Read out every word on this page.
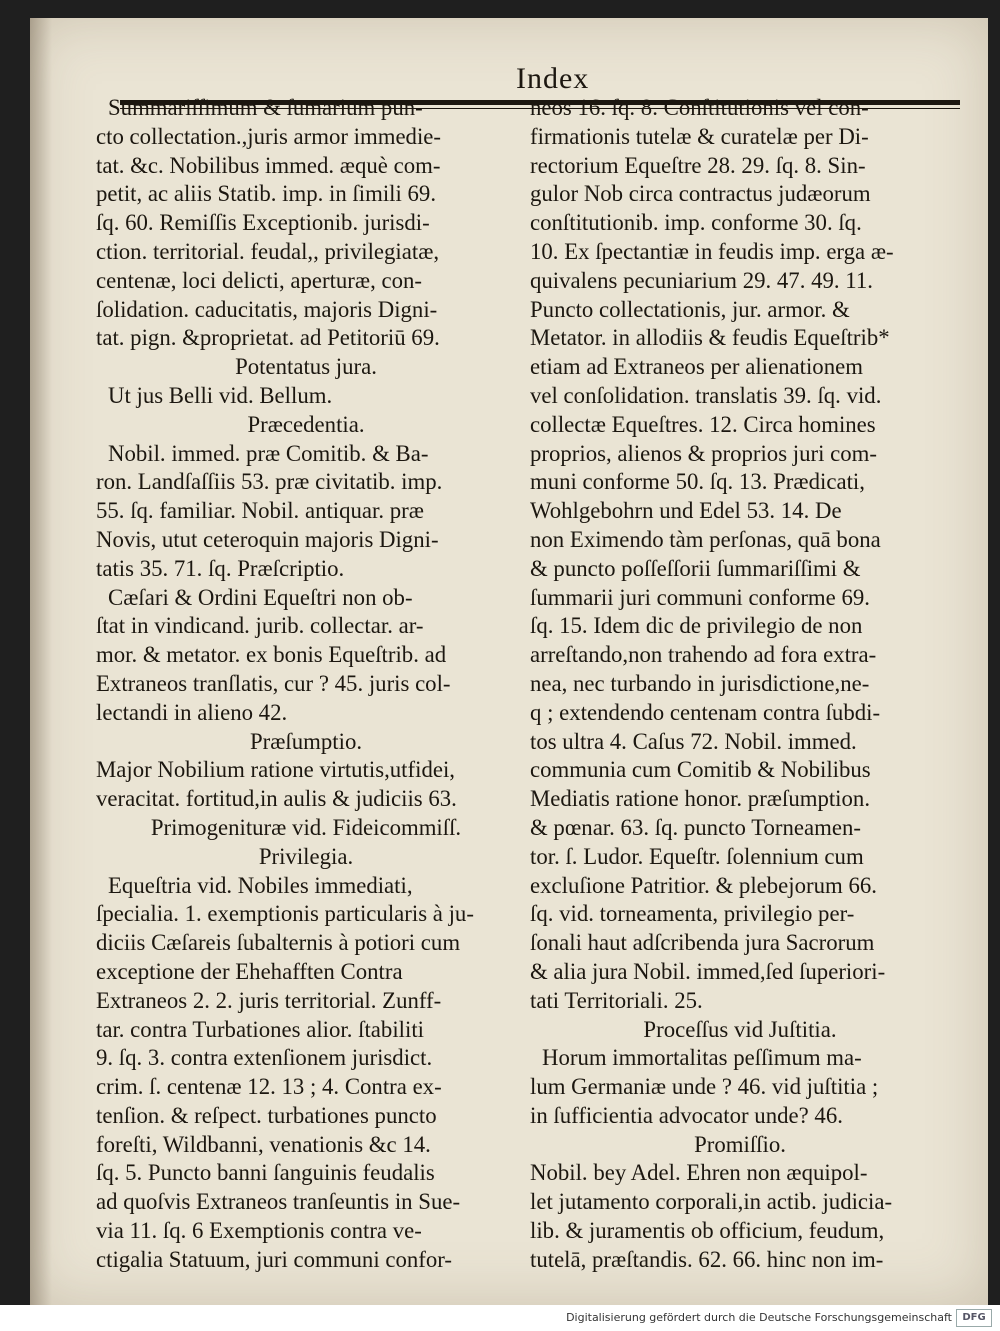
Index
Summariſſimum & ſumarium pun-
cto collectation.,juris armor immedie-
tat. &c. Nobilibus immed. æquè com-
petit, ac aliis Statib. imp. in ſimili 69.
ſq. 60. Remiſſis Exceptionib. jurisdi-
ction. territorial. feudal,, privilegiatæ,
centenæ, loci delicti, aperturæ, con-
ſolidation. caducitatis, majoris Digni-
tat. pign. &proprietat. ad Petitoriū 69.
Potentatus jura.
Ut jus Belli vid. Bellum.
Præcedentia.
Nobil. immed. præ Comitib. & Ba-
ron. Landſaſſiis 53. præ civitatib. imp.
55. ſq. familiar. Nobil. antiquar. præ
Novis, utut ceteroquin majoris Digni-
tatis 35. 71. ſq. Præſcriptio.
Cæſari & Ordini Equeſtri non ob-
ſtat in vindicand. jurib. collectar. ar-
mor. & metator. ex bonis Equeſtrib. ad
Extraneos tranſlatis, cur ? 45. juris col-
lectandi in alieno 42.
Præſumptio.
Major Nobilium ratione virtutis,utfidei,
veracitat. fortitud,in aulis & judiciis 63.
Primogenituræ vid. Fideicommiſſ.
Privilegia.
Equeſtria vid. Nobiles immediati,
ſpecialia. 1. exemptionis particularis à ju-
diciis Cæſareis ſubalternis à potiori cum
exceptione der Ehehafften Contra
Extraneos 2. 2. juris territorial. Zunff-
tar. contra Turbationes alior. ſtabiliti
9. ſq. 3. contra extenſionem jurisdict.
crim. ſ. centenæ 12. 13 ; 4. Contra ex-
tenſion. & reſpect. turbationes puncto
foreſti, Wildbanni, venationis &c 14.
ſq. 5. Puncto banni ſanguinis feudalis
ad quoſvis Extraneos tranſeuntis in Sue-
via 11. ſq. 6 Exemptionis contra ve-
ctigalia Statuum, juri communi confor-
neos 16. ſq. 8. Conſtitutionis vel con-
firmationis tutelæ & curatelæ per Di-
rectorium Equeſtre 28. 29. ſq. 8. Sin-
gulor Nob circa contractus judæorum
conſtitutionib. imp. conforme 30. ſq.
10. Ex ſpectantiæ in feudis imp. erga æ-
quivalens pecuniarium 29. 47. 49. 11.
Puncto collectationis, jur. armor. &
Metator. in allodiis & feudis Equeſtrib*
etiam ad Extraneos per alienationem
vel conſolidation. translatis 39. ſq. vid.
collectæ Equeſtres. 12. Circa homines
proprios, alienos & proprios juri com-
muni conforme 50. ſq. 13. Prædicati,
Wohlgebohrn und Edel 53. 14. De
non Eximendo tàm perſonas, quā bona
& puncto poſſeſſorii ſummariſſimi &
ſummarii juri communi conforme 69.
ſq. 15. Idem dic de privilegio de non
arreſtando,non trahendo ad fora extra-
nea, nec turbando in jurisdictione,ne-
q ; extendendo centenam contra ſubdi-
tos ultra 4. Caſus 72. Nobil. immed.
communia cum Comitib & Nobilibus
Mediatis ratione honor. præſumption.
& pœnar. 63. ſq. puncto Torneamen-
tor. ſ. Ludor. Equeſtr. ſolennium cum
excluſione Patritior. & plebejorum 66.
ſq. vid. torneamenta, privilegio per-
ſonali haut adſcribenda jura Sacrorum
& alia jura Nobil. immed,ſed ſuperiori-
tati Territoriali. 25.
Proceſſus vid Juſtitia.
Horum immortalitas peſſimum ma-
lum Germaniæ unde ? 46. vid juſtitia ;
in ſufficientia advocator unde? 46.
Promiſſio.
Nobil. bey Adel. Ehren non æquipol-
let jutamento corporali,in actib. judicia-
lib. & juramentis ob officium, feudum,
tutelā, præſtandis. 62. 66. hinc non im-
Digitalisierung gefördert durch die Deutsche Forschungsgemeinschaft	DFG
